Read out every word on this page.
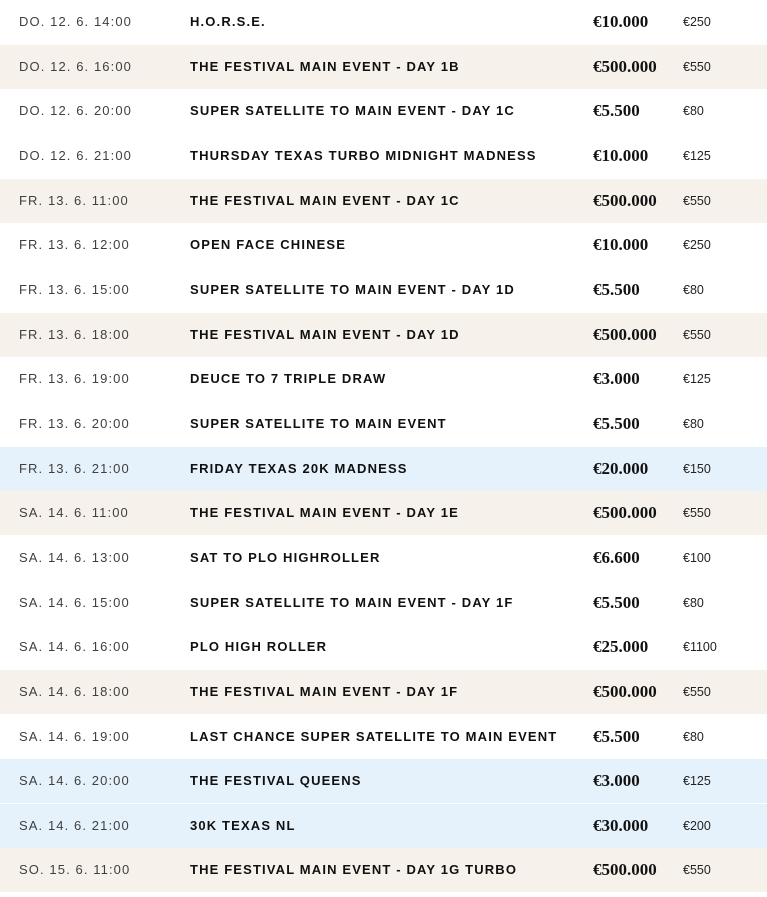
DO. 12. 6. 14:00	H.O.R.S.E.	€10.000	€250
DO. 12. 6. 16:00	THE FESTIVAL MAIN EVENT - DAY 1B	€500.000	€550
DO. 12. 6. 20:00	SUPER SATELLITE TO MAIN EVENT - DAY 1C	€5.500	€80
DO. 12. 6. 21:00	THURSDAY TEXAS TURBO MIDNIGHT MADNESS	€10.000	€125
FR. 13. 6. 11:00	THE FESTIVAL MAIN EVENT - DAY 1C	€500.000	€550
FR. 13. 6. 12:00	OPEN FACE CHINESE	€10.000	€250
FR. 13. 6. 15:00	SUPER SATELLITE TO MAIN EVENT - DAY 1D	€5.500	€80
FR. 13. 6. 18:00	THE FESTIVAL MAIN EVENT - DAY 1D	€500.000	€550
FR. 13. 6. 19:00	DEUCE TO 7 TRIPLE DRAW	€3.000	€125
FR. 13. 6. 20:00	SUPER SATELLITE TO MAIN EVENT	€5.500	€80
FR. 13. 6. 21:00	FRIDAY TEXAS 20K MADNESS	€20.000	€150
SA. 14. 6. 11:00	THE FESTIVAL MAIN EVENT - DAY 1E	€500.000	€550
SA. 14. 6. 13:00	SAT TO PLO HIGHROLLER	€6.600	€100
SA. 14. 6. 15:00	SUPER SATELLITE TO MAIN EVENT - DAY 1F	€5.500	€80
SA. 14. 6. 16:00	PLO HIGH ROLLER	€25.000	€1100
SA. 14. 6. 18:00	THE FESTIVAL MAIN EVENT - DAY 1F	€500.000	€550
SA. 14. 6. 19:00	LAST CHANCE SUPER SATELLITE TO MAIN EVENT	€5.500	€80
SA. 14. 6. 20:00	THE FESTIVAL QUEENS	€3.000	€125
SA. 14. 6. 21:00	30K TEXAS NL	€30.000	€200
SO. 15. 6. 11:00	THE FESTIVAL MAIN EVENT - DAY 1G TURBO	€500.000	€550
